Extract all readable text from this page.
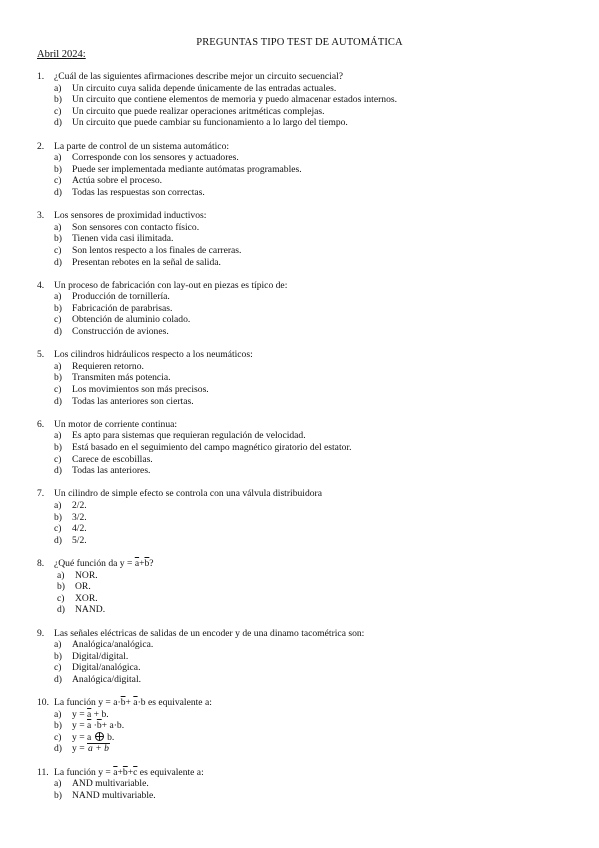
PREGUNTAS TIPO TEST DE AUTOMÁTICA
Abril 2024:
1.	¿Cuál de las siguientes afirmaciones describe mejor un circuito secuencial?
a)	Un circuito cuya salida depende únicamente de las entradas actuales.
b)	Un circuito que contiene elementos de memoria y puedo almacenar estados internos.
c)	Un circuito que puede realizar operaciones aritméticas complejas.
d)	Un circuito que puede cambiar su funcionamiento a lo largo del tiempo.
2.	La parte de control de un sistema automático:
a)	Corresponde con los sensores y actuadores.
b)	Puede ser implementada mediante autómatas programables.
c)	Actúa sobre el proceso.
d)	Todas las respuestas son correctas.
3.	Los sensores de proximidad inductivos:
a)	Son sensores con contacto físico.
b)	Tienen vida casi ilimitada.
c)	Son lentos respecto a los finales de carreras.
d)	Presentan rebotes en la señal de salida.
4.	Un proceso de fabricación con lay-out en piezas es típico de:
a)	Producción de tornillería.
b)	Fabricación de parabrisas.
c)	Obtención de aluminio colado.
d)	Construcción de aviones.
5.	Los cilindros hidráulicos respecto a los neumáticos:
a)	Requieren retorno.
b)	Transmiten más potencia.
c)	Los movimientos son más precisos.
d)	Todas las anteriores son ciertas.
6.	Un motor de corriente continua:
a)	Es apto para sistemas que requieran regulación de velocidad.
b)	Está basado en el seguimiento del campo magnético giratorio del estator.
c)	Carece de escobillas.
d)	Todas las anteriores.
7.	Un cilindro de simple efecto se controla con una válvula distribuidora
a)	2/2.
b)	3/2.
c)	4/2.
d)	5/2.
8.	¿Qué función da $y = \overline{a}+\overline{b}$?
a)	NOR.
b)	OR.
c)	XOR.
d)	NAND.
9.	Las señales eléctricas de salidas de un encoder y de una dinamo tacométrica son:
a)	Analógica/analógica.
b)	Digital/digital.
c)	Digital/analógica.
d)	Analógica/digital.
10. La función $y = a\cdot\overline{b}+ \overline{a}\cdot b$ es equivalente a:
a)	$y = \overline{a} + b$.
b)	$y = \overline{a} \cdot\overline{b}+ a\cdot b$.
c)	y = a  b.
d)	y = a + b
11. La función $y = \overline{a}+\overline{b}+\overline{c}$ es equivalente a:
a)	AND multivariable.
b)	NAND multivariable.
